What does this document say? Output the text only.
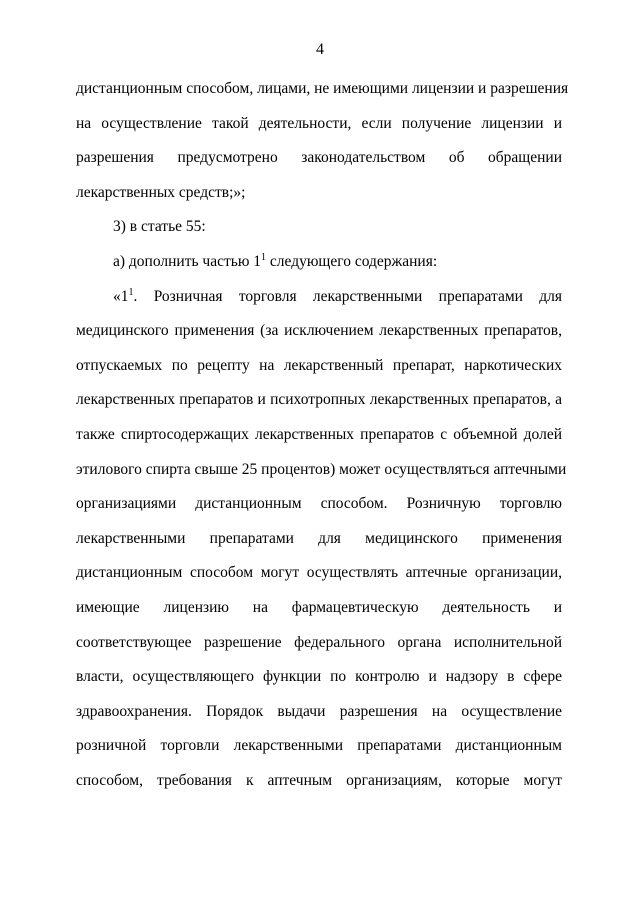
4
дистанционным способом, лицами, не имеющими лицензии и разрешения
на осуществление такой деятельности, если получение лицензии и
разрешения предусмотрено законодательством об обращении
лекарственных средств;»;
3) в статье 55:
а) дополнить частью $1^1$ следующего содержания:
«$1^1$. Розничная торговля лекарственными препаратами для
медицинского применения (за исключением лекарственных препаратов,
отпускаемых по рецепту на лекарственный препарат, наркотических
лекарственных препаратов и психотропных лекарственных препаратов, а
также спиртосодержащих лекарственных препаратов с объемной долей
этилового спирта свыше 25 процентов) может осуществляться аптечными
организациями дистанционным способом. Розничную торговлю
лекарственными препаратами для медицинского применения
дистанционным способом могут осуществлять аптечные организации,
имеющие лицензию на фармацевтическую деятельность и
соответствующее разрешение федерального органа исполнительной
власти, осуществляющего функции по контролю и надзору в сфере
здравоохранения. Порядок выдачи разрешения на осуществление
розничной торговли лекарственными препаратами дистанционным
способом, требования к аптечным организациям, которые могут
